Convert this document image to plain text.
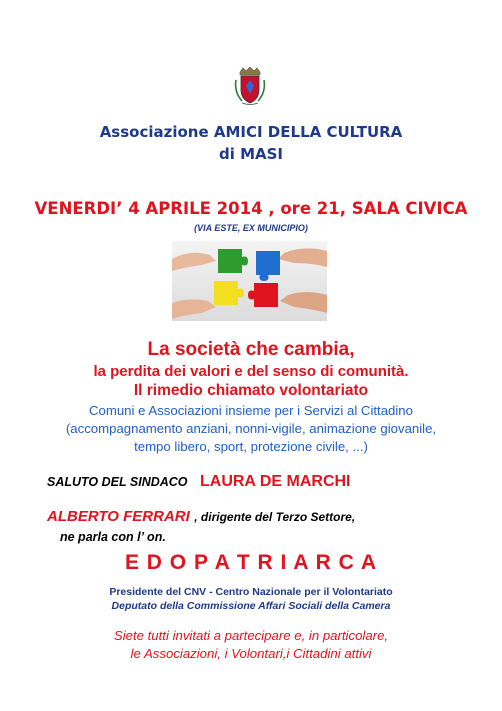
Associazione AMICI DELLA CULTURA
di MASI
VENERDI’ 4 APRILE 2014 , ore 21, SALA CIVICA
(VIA ESTE, EX MUNICIPIO)
La società che cambia,
la perdita dei valori e del senso di comunità.
Il rimedio chiamato volontariato
Comuni e Associazioni insieme per i Servizi al Cittadino
(accompagnamento anziani, nonni-vigile, animazione giovanile,
tempo libero, sport, protezione civile, ...)
SALUTO DEL SINDACO LAURA DE MARCHI
ALBERTO FERRARI , dirigente del Terzo Settore,
ne parla con l’ on.
E D O P A T R I A R C A
Presidente del CNV - Centro Nazionale per il Volontariato
Deputato della Commissione Affari Sociali della Camera
Siete tutti invitati a partecipare e, in particolare,
le Associazioni, i Volontari,i Cittadini attivi
